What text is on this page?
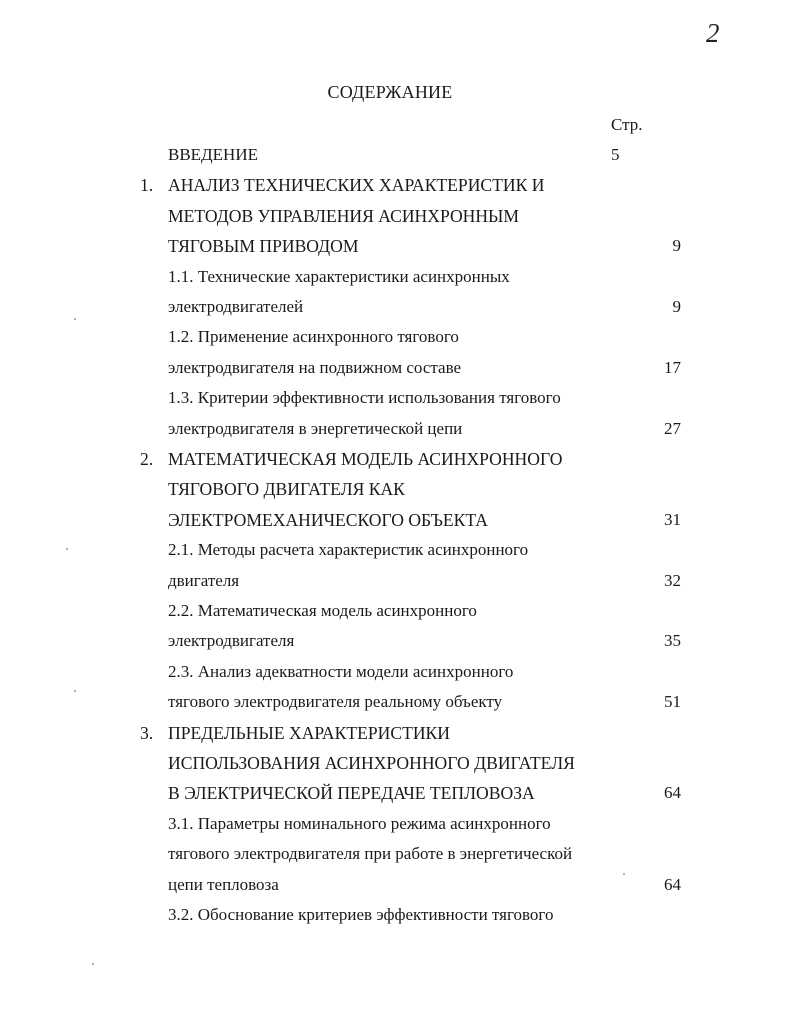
2
СОДЕРЖАНИЕ
Стр.
ВВЕДЕНИЕ	5
1. АНАЛИЗ ТЕХНИЧЕСКИХ ХАРАКТЕРИСТИК И
МЕТОДОВ УПРАВЛЕНИЯ АСИНХРОННЫМ
ТЯГОВЫМ ПРИВОДОМ	9
1.1. Технические характеристики асинхронных
электродвигателей	9
1.2. Применение асинхронного тягового
электродвигателя на подвижном составе	17
1.3. Критерии эффективности использования тягового
электродвигателя в энергетической цепи	27
2. МАТЕМАТИЧЕСКАЯ МОДЕЛЬ АСИНХРОННОГО
ТЯГОВОГО ДВИГАТЕЛЯ КАК
ЭЛЕКТРОМЕХАНИЧЕСКОГО ОБЪЕКТА	31
2.1. Методы расчета характеристик асинхронного
двигателя	32
2.2. Математическая модель асинхронного
электродвигателя	35
2.3. Анализ адекватности модели асинхронного
тягового электродвигателя реальному объекту	51
3. ПРЕДЕЛЬНЫЕ ХАРАКТЕРИСТИКИ
ИСПОЛЬЗОВАНИЯ АСИНХРОННОГО ДВИГАТЕЛЯ
В ЭЛЕКТРИЧЕСКОЙ ПЕРЕДАЧЕ ТЕПЛОВОЗА	64
3.1. Параметры номинального режима асинхронного
тягового электродвигателя при работе в энергетической
цепи тепловоза	64
3.2. Обоснование критериев эффективности тягового
